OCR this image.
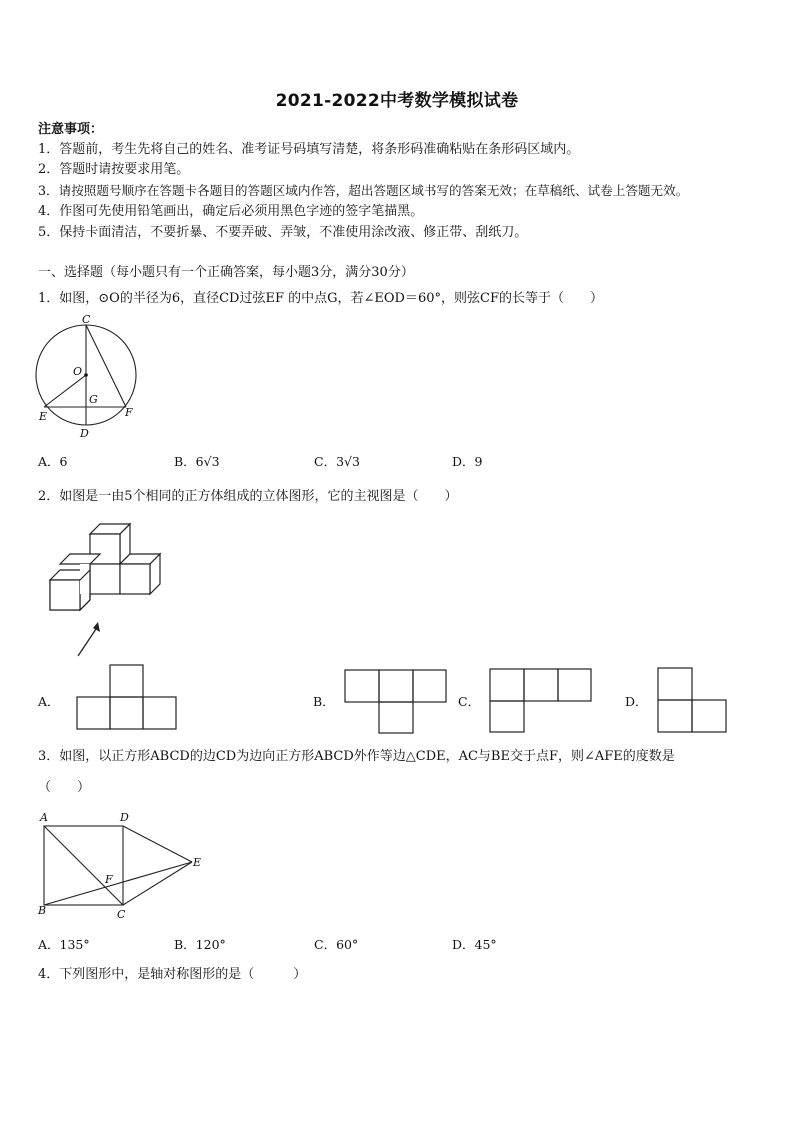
2021-2022中考数学模拟试卷
注意事项：
1．答题前，考生先将自己的姓名、准考证号码填写清楚，将条形码准确粘贴在条形码区域内。
2．答题时请按要求用笔。
3．请按照题号顺序在答题卡各题目的答题区域内作答，超出答题区域书写的答案无效；在草稿纸、试卷上答题无效。
4．作图可先使用铅笔画出，确定后必须用黑色字迹的签字笔描黑。
5．保持卡面清洁，不要折暴、不要弄破、弄皱，不准使用涂改液、修正带、刮纸刀。
一、选择题（每小题只有一个正确答案，每小题3分，满分30分）
1．如图，⊙O的半径为6，直径CD过弦EF 的中点G，若∠EOD＝60°，则弦CF的长等于（　　）
C
O
G
E	F
D
A．6	B．6√3	C．3√3	D．9
2．如图是一由5个相同的正方体组成的立体图形，它的主视图是（　　）
A．	B．	C．	D．
3．如图，以正方形ABCD的边CD为边向正方形ABCD外作等边△CDE，AC与BE交于点F，则∠AFE的度数是
（　　）
A	D
E
F
B	C
A．135°	B．120°	C．60°	D．45°
4．下列图形中，是轴对称图形的是（　　　）
